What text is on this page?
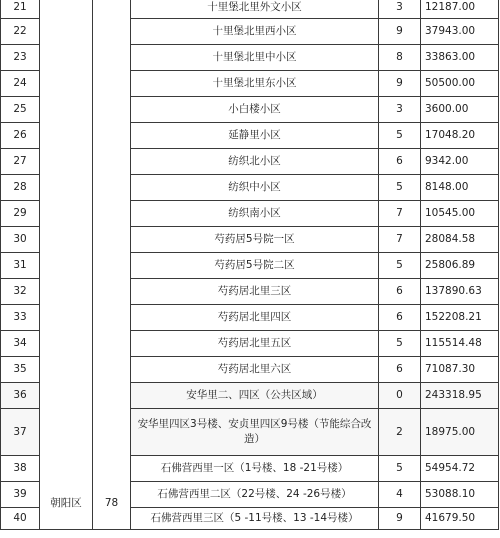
21	朝阳区	78	十里堡北里外文小区	3	12187.00
22			十里堡北里西小区	9	37943.00
23			十里堡北里中小区	8	33863.00
24			十里堡北里东小区	9	50500.00
25			小白楼小区	3	3600.00
26			延静里小区	5	17048.20
27			纺织北小区	6	9342.00
28			纺织中小区	5	8148.00
29			纺织南小区	7	10545.00
30			芍药居5号院一区	7	28084.58
31			芍药居5号院二区	5	25806.89
32			芍药居北里三区	6	137890.63
33			芍药居北里四区	6	152208.21
34			芍药居北里五区	5	115514.48
35			芍药居北里六区	6	71087.30
36			安华里二、四区（公共区域）	0	243318.95
37			安华里四区3号楼、安贞里四区9号楼（节能综合改造）	2	18975.00
38			石佛营西里一区（1号楼、18 -21号楼）	5	54954.72
39			石佛营西里二区（22号楼、24 -26号楼）	4	53088.10
40			石佛营西里三区（5 -11号楼、13 -14号楼）	9	41679.50
